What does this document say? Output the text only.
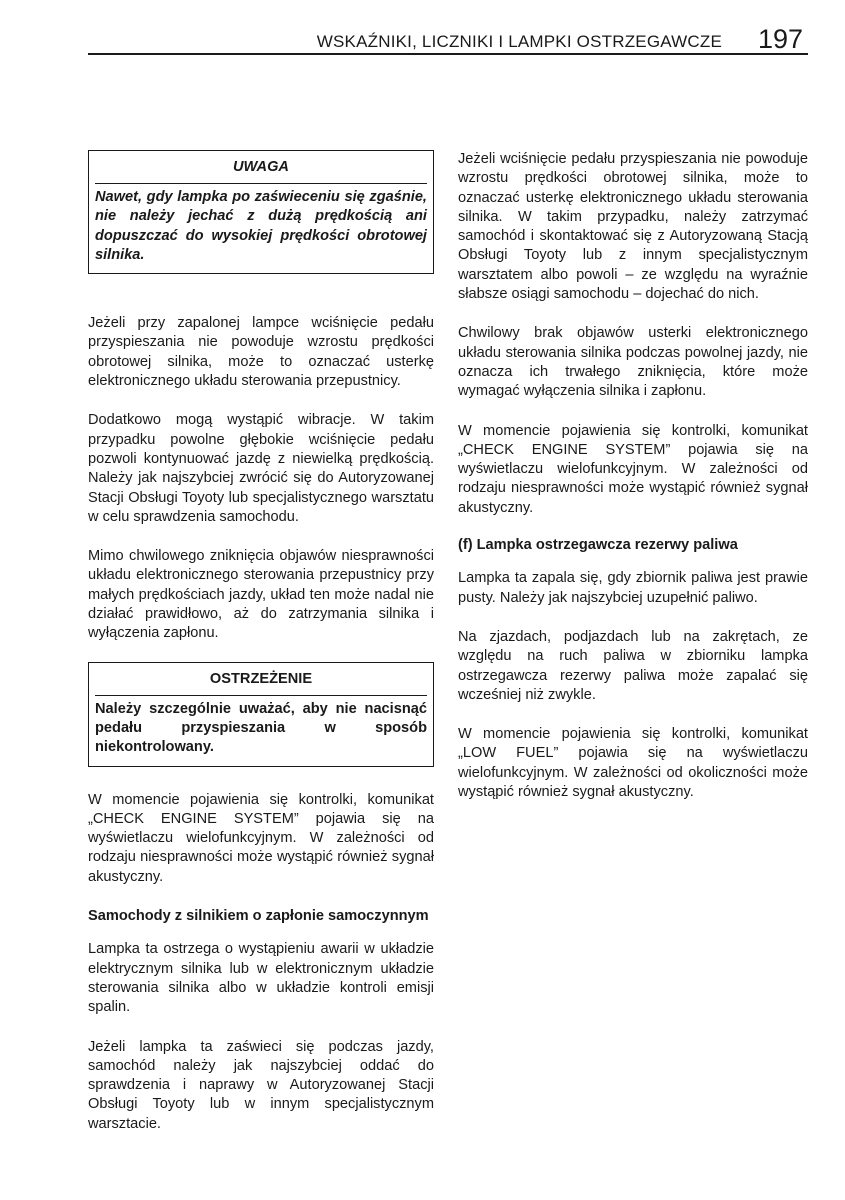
WSKAŹNIKI, LICZNIKI I LAMPKI OSTRZEGAWCZE 197
UWAGA

Nawet, gdy lampka po zaświeceniu się zgaśnie, nie należy jechać z dużą prędkością ani dopuszczać do wysokiej prędkości obrotowej silnika.

Jeżeli przy zapalonej lampce wciśnięcie pedału przyspieszania nie powoduje wzrostu prędkości obrotowej silnika, może to oznaczać usterkę elektronicznego układu sterowania przepustnicy.

Dodatkowo mogą wystąpić wibracje. W takim przypadku powolne głębokie wciśnięcie pedału pozwoli kontynuować jazdę z niewielką prędkością. Należy jak najszybciej zwrócić się do Autoryzowanej Stacji Obsługi Toyoty lub specjalistycznego warsztatu w celu sprawdzenia samochodu.

Mimo chwilowego zniknięcia objawów niesprawności układu elektronicznego sterowania przepustnicy przy małych prędkościach jazdy, układ ten może nadal nie działać prawidłowo, aż do zatrzymania silnika i wyłączenia zapłonu.

OSTRZEŻENIE

Należy szczególnie uważać, aby nie nacisnąć pedału przyspieszania w sposób niekontrolowany.

W momencie pojawienia się kontrolki, komunikat „CHECK ENGINE SYSTEM” pojawia się na wyświetlaczu wielofunkcyjnym. W zależności od rodzaju niesprawności może wystąpić również sygnał akustyczny.

Samochody z silnikiem o zapłonie samoczynnym

Lampka ta ostrzega o wystąpieniu awarii w układzie elektrycznym silnika lub w elektronicznym układzie sterowania silnika albo w układzie kontroli emisji spalin.

Jeżeli lampka ta zaświeci się podczas jazdy, samochód należy jak najszybciej oddać do sprawdzenia i naprawy w Autoryzowanej Stacji Obsługi Toyoty lub w innym specjalistycznym warsztacie.

Jeżeli wciśnięcie pedału przyspieszania nie powoduje wzrostu prędkości obrotowej silnika, może to oznaczać usterkę elektronicznego układu sterowania silnika. W takim przypadku, należy zatrzymać samochód i skontaktować się z Autoryzowaną Stacją Obsługi Toyoty lub z innym specjalistycznym warsztatem albo powoli – ze względu na wyraźnie słabsze osiągi samochodu – dojechać do nich.

Chwilowy brak objawów usterki elektronicznego układu sterowania silnika podczas powolnej jazdy, nie oznacza ich trwałego zniknięcia, które może wymagać wyłączenia silnika i zapłonu.

W momencie pojawienia się kontrolki, komunikat „CHECK ENGINE SYSTEM” pojawia się na wyświetlaczu wielofunkcyjnym. W zależności od rodzaju niesprawności może wystąpić również sygnał akustyczny.

(f) Lampka ostrzegawcza rezerwy paliwa

Lampka ta zapala się, gdy zbiornik paliwa jest prawie pusty. Należy jak najszybciej uzupełnić paliwo.

Na zjazdach, podjazdach lub na zakrętach, ze względu na ruch paliwa w zbiorniku lampka ostrzegawcza rezerwy paliwa może zapalać się wcześniej niż zwykle.

W momencie pojawienia się kontrolki, komunikat „LOW FUEL” pojawia się na wyświetlaczu wielofunkcyjnym. W zależności od okoliczności może wystąpić również sygnał akustyczny.
